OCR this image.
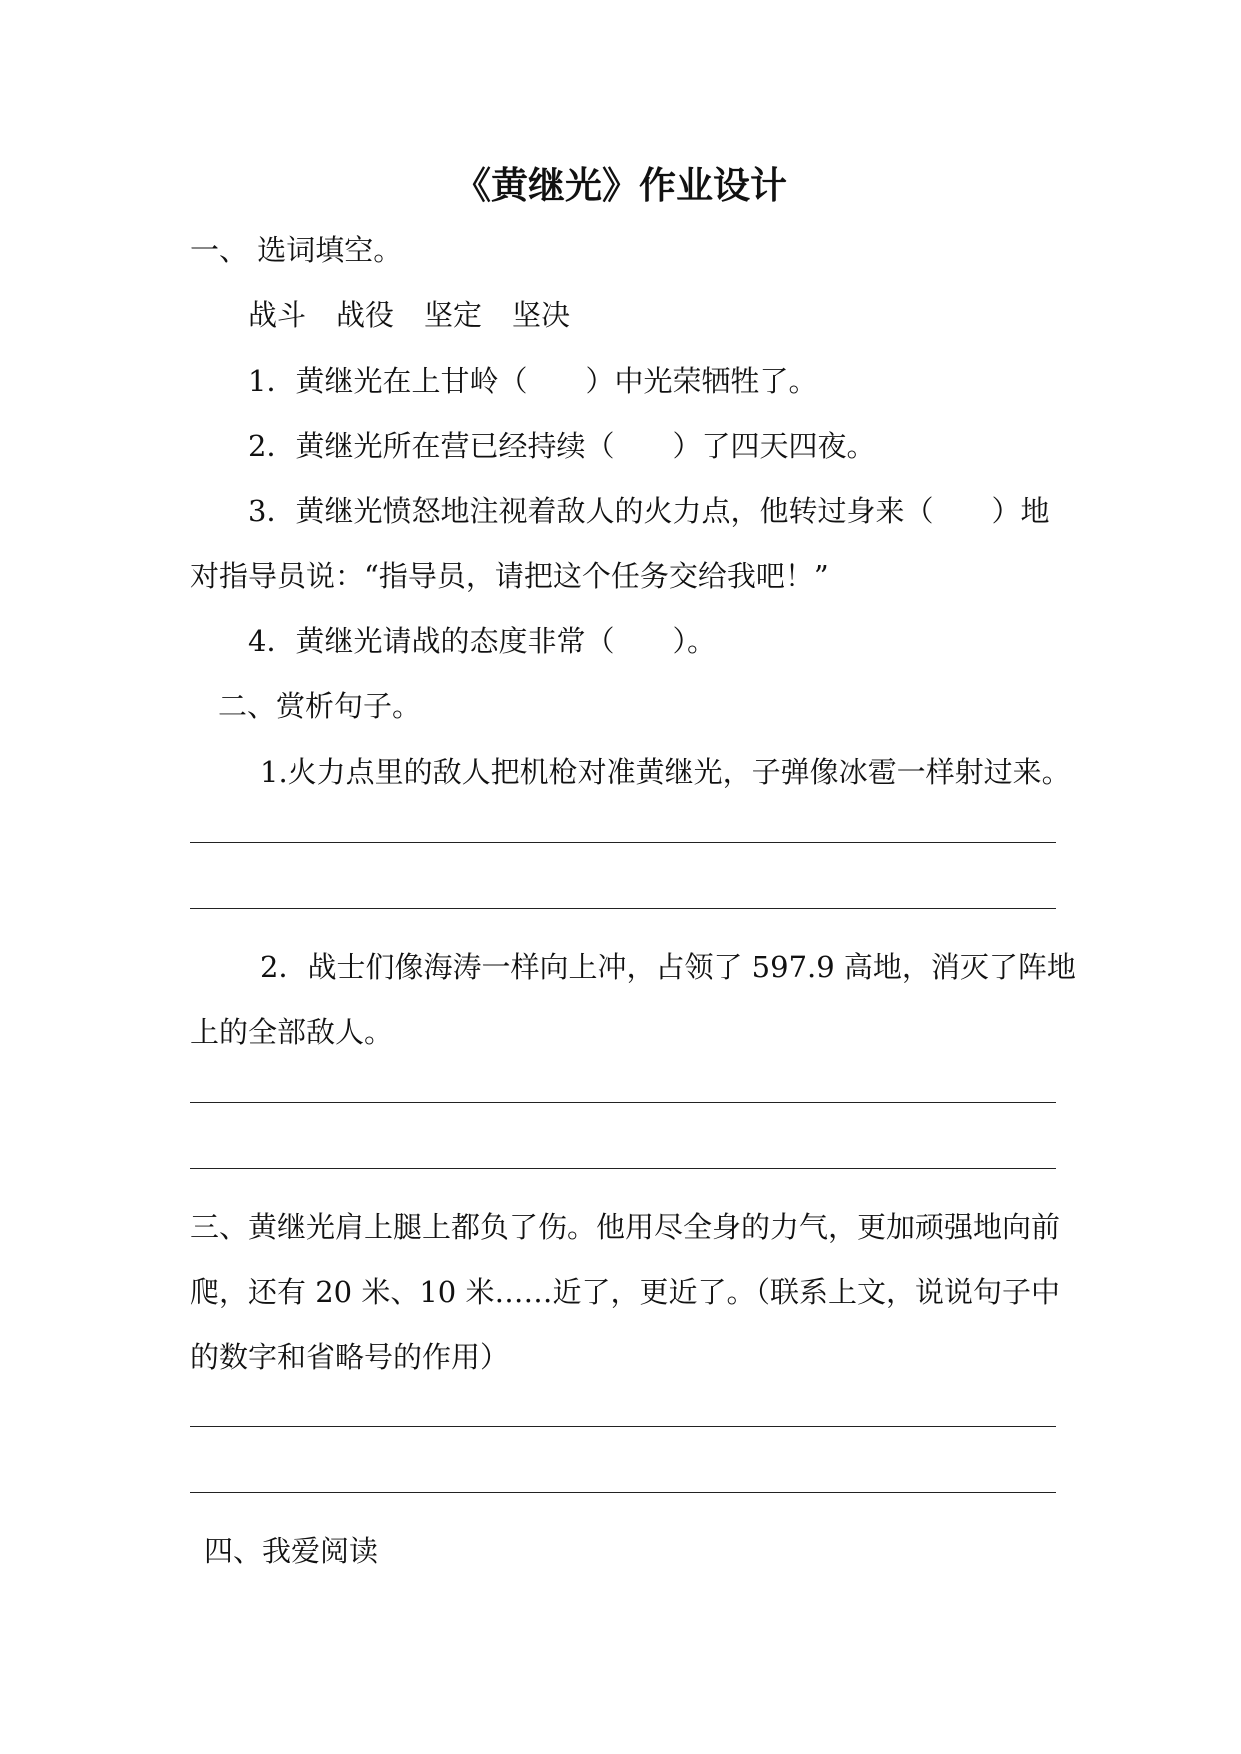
《黄继光》作业设计

一、 选词填空。

战斗 战役 坚定 坚决

1．黄继光在上甘岭（　　）中光荣牺牲了。

2．黄继光所在营已经持续（　　）了四天四夜。

3．黄继光愤怒地注视着敌人的火力点，他转过身来（　　）地

对指导员说：“指导员，请把这个任务交给我吧！”

4．黄继光请战的态度非常（　　）。

二、赏析句子。

1.火力点里的敌人把机枪对准黄继光，子弹像冰雹一样射过来。

2．战士们像海涛一样向上冲，占领了 597.9 高地，消灭了阵地

上的全部敌人。

三、黄继光肩上腿上都负了伤。他用尽全身的力气，更加顽强地向前

爬，还有 20 米、10 米……近了，更近了。（联系上文，说说句子中

的数字和省略号的作用）

四、我爱阅读
